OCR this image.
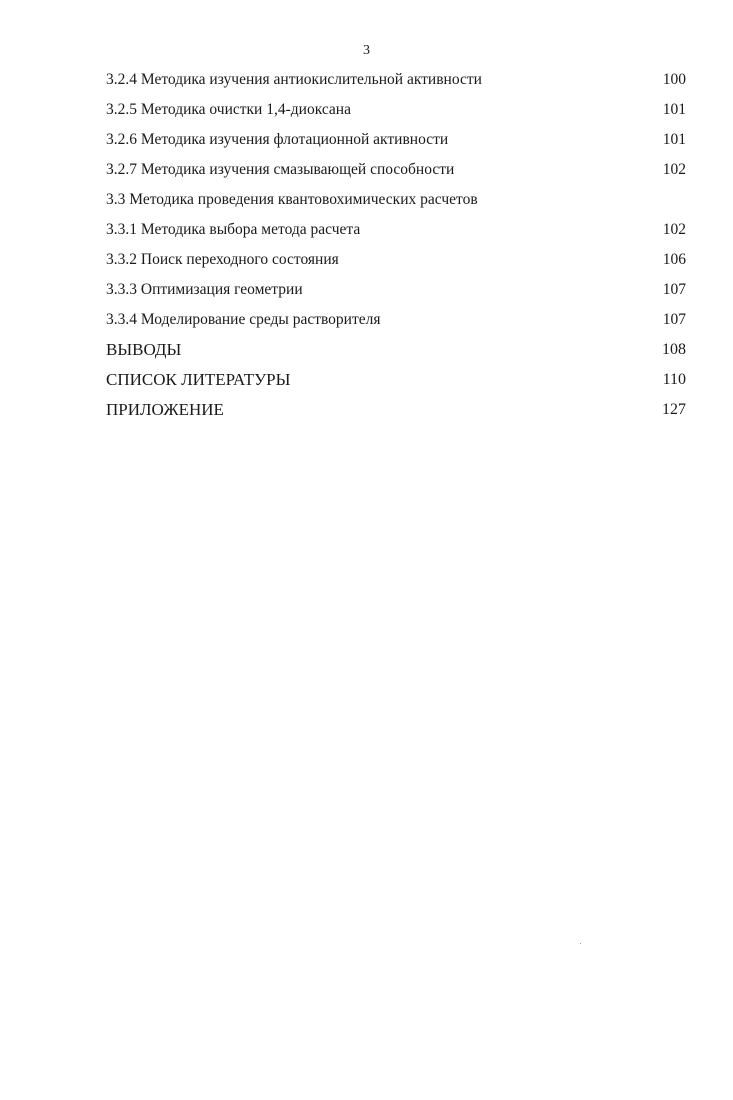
3
3.2.4 Методика изучения антиокислительной активности	100
3.2.5 Методика очистки 1,4-диоксана	101
3.2.6 Методика изучения флотационной активности	101
3.2.7 Методика изучения смазывающей способности	102
3.3 Методика проведения квантовохимических расчетов
3.3.1 Методика выбора метода расчета	102
3.3.2 Поиск переходного состояния	106
3.3.3 Оптимизация геометрии	107
3.3.4 Моделирование среды растворителя	107
ВЫВОДЫ	108
СПИСОК ЛИТЕРАТУРЫ	110
ПРИЛОЖЕНИЕ	127
